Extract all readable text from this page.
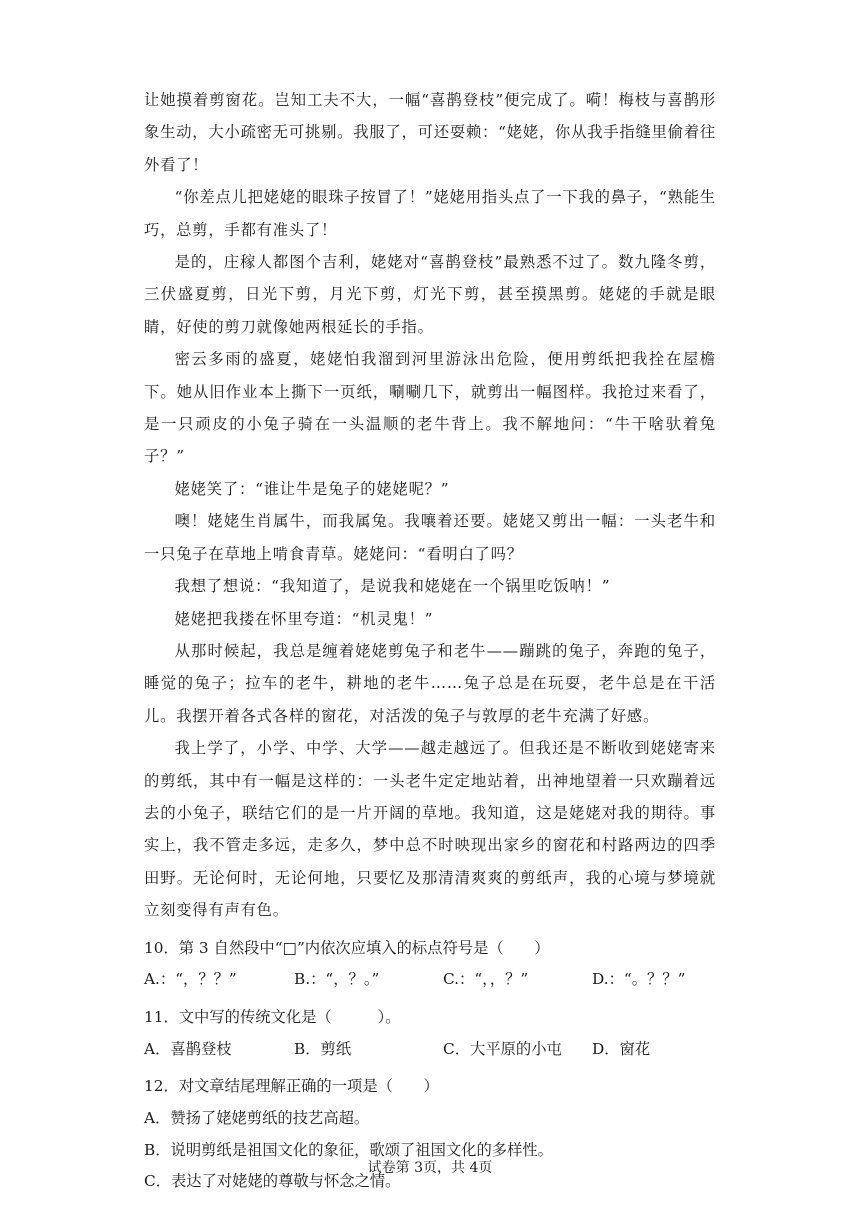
让她摸着剪窗花。岂知工夫不大，一幅“喜鹊登枝”便完成了。嗬！梅枝与喜鹊形象生动，大小疏密无可挑剔。我服了，可还耍赖：“姥姥，你从我手指缝里偷着往外看了！

“你差点儿把姥姥的眼珠子按冒了！”姥姥用指头点了一下我的鼻子，“熟能生巧，总剪，手都有准头了！

是的，庄稼人都图个吉利，姥姥对“喜鹊登枝”最熟悉不过了。数九隆冬剪，三伏盛夏剪，日光下剪，月光下剪，灯光下剪，甚至摸黑剪。姥姥的手就是眼睛，好使的剪刀就像她两根延长的手指。

密云多雨的盛夏，姥姥怕我溜到河里游泳出危险，便用剪纸把我拴在屋檐下。她从旧作业本上撕下一页纸，唰唰几下，就剪出一幅图样。我抢过来看了，是一只顽皮的小兔子骑在一头温顺的老牛背上。我不解地问：“牛干啥驮着兔子？”

姥姥笑了：“谁让牛是兔子的姥姥呢？”

噢！姥姥生肖属牛，而我属兔。我嚷着还要。姥姥又剪出一幅：一头老牛和一只兔子在草地上啃食青草。姥姥问：“看明白了吗？

我想了想说：“我知道了，是说我和姥姥在一个锅里吃饭呐！”

姥姥把我搂在怀里夸道：“机灵鬼！”

从那时候起，我总是缠着姥姥剪兔子和老牛——蹦跳的兔子，奔跑的兔子，睡觉的兔子；拉车的老牛，耕地的老牛……兔子总是在玩耍，老牛总是在干活儿。我摆开着各式各样的窗花，对活泼的兔子与敦厚的老牛充满了好感。

我上学了，小学、中学、大学——越走越远了。但我还是不断收到姥姥寄来的剪纸，其中有一幅是这样的：一头老牛定定地站着，出神地望着一只欢蹦着远去的小兔子，联结它们的是一片开阔的草地。我知道，这是姥姥对我的期待。事实上，我不管走多远，走多久，梦中总不时映现出家乡的窗花和村路两边的四季田野。无论何时，无论何地，只要忆及那清清爽爽的剪纸声，我的心境与梦境就立刻变得有声有色。

10．第 3 自然段中“□”内依次应填入的标点符号是（　　）

A.：“，？？”	B.：“，？。”	C.：“，，？”	D.：“。？？”

11．文中写的传统文化是（　　　）。

A．喜鹊登枝	B．剪纸	C．大平原的小屯 D．窗花

12．对文章结尾理解正确的一项是（　　）

A．赞扬了姥姥剪纸的技艺高超。

B．说明剪纸是祖国文化的象征，歌颂了祖国文化的多样性。

C．表达了对姥姥的尊敬与怀念之情。

试卷第 3页，共 4页
